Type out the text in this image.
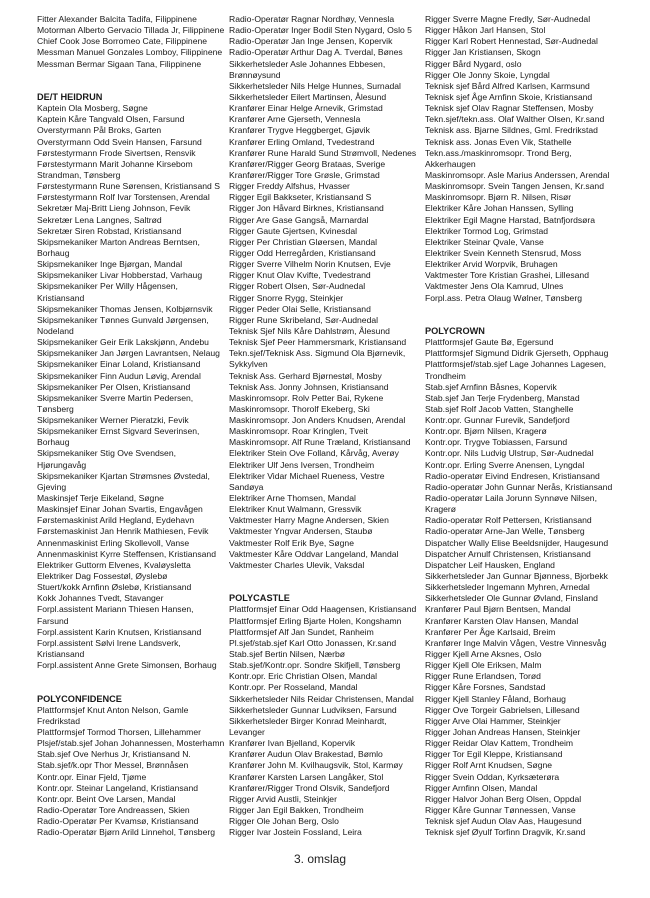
Fitter Alexander Balcita Tadifa, Filippinene
Motorman Alberto Gervacio Tillada Jr, Filippinene
Chief Cook Jose Borromeo Cate, Filippinene
Messman Manuel Gonzales Lomboy, Filippinene
Messman Bermar Sigaan Tana, Filippinene
DE/T HEIDRUN
Kaptein Ola Mosberg, Søgne
Kaptein Kåre Tangvald Olsen, Farsund
Overstyrmann Pål Broks, Garten
Overstyrmann Odd Svein Hansen, Farsund
Førstestyrmann Frode Sivertsen, Rensvik
Førstestyrmann Marit Johanne Kirsebom
Strandman, Tønsberg
Førstestyrmann Rune Sørensen, Kristiansand S
Førstestyrmann Rolf Ivar Torstensen, Arendal
Sekretær Maj-Britt Lieng Johnson, Fevik
Sekretær Lena Langnes, Saltrød
Sekretær Siren Robstad, Kristiansand
Skipsmekaniker Marton Andreas Berntsen,
Borhaug
Skipsmekaniker Inge Bjørgan, Mandal
Skipsmekaniker Livar Hobberstad, Varhaug
Skipsmekaniker Per Willy Hågensen,
Kristiansand
Skipsmekaniker Thomas Jensen, Kolbjørnsvik
Skipsmekaniker Tønnes Gunvald Jørgensen,
Nodeland
Skipsmekaniker Geir Erik Lakskjønn, Andebu
Skipsmekaniker Jan Jørgen Lavrantsen, Nelaug
Skipsmekaniker Einar Loland, Kristiansand
Skipsmekaniker Finn Audun Løvig, Arendal
Skipsmekaniker Per Olsen, Kristiansand
Skipsmekaniker Sverre Martin Pedersen,
Tønsberg
Skipsmekaniker Werner Pieratzki, Fevik
Skipsmekaniker Ernst Sigvard Severinsen,
Borhaug
Skipsmekaniker Stig Ove Svendsen,
Hjørungavåg
Skipsmekaniker Kjartan Strømsnes Øvstedal,
Gjeving
Maskinsjef Terje Eikeland, Søgne
Maskinsjef Einar Johan Svartis, Engavågen
Førstemaskinist Arild Hegland, Eydehavn
Førstemaskinist Jan Henrik Mathiesen, Fevik
Annenmaskinist Erling Skollevoll, Vanse
Annenmaskinist Kyrre Steffensen, Kristiansand
Elektriker Guttorm Elvenes, Kvaløysletta
Elektriker Dag Fossestøl, Øyslebø
Stuert/kokk Arnfinn Øslebø, Kristiansand
Kokk Johannes Tvedt, Stavanger
Forpl.assistent Mariann Thiesen Hansen,
Farsund
Forpl.assistent Karin Knutsen, Kristiansand
Forpl.assistent Sølvi Irene Landsverk,
Kristiansand
Forpl.assistent Anne Grete Simonsen, Borhaug
POLYCONFIDENCE
Plattformsjef Knut Anton Nelson, Gamle
Fredrikstad
Plattformsjef Tormod Thorsen, Lillehammer
Plsjef/stab.sjef Johan Johannessen, Mosterhamn
Stab.sjef Ove Nerhus Jr, Kristiansand N.
Stab.sjef/k.opr Thor Messel, Brønnåsen
Kontr.opr. Einar Fjeld, Tjøme
Kontr.opr. Steinar Langeland, Kristiansand
Kontr.opr. Beint Ove Larsen, Mandal
Radio-Operatør Tore Andreassen, Skien
Radio-Operatør Per Kvamsø, Kristiansand
Radio-Operatør Bjørn Arild Linnehol, Tønsberg
Radio-Operatør Ragnar Nordhøy, Vennesla
Radio-Operatør Inger Bodil Sten Nygard, Oslo 5
Radio-Operatør Jan Inge Jensen, Kopervik
Radio-Operatør Arthur Dag A. Tverdal, Bønes
Sikkerhetsleder Asle Johannes Ebbesen,
Brønnøysund
Sikkerhetsleder Nils Helge Hunnes, Surnadal
Sikkerhetsleder Eilert Martinsen, Ålesund
Kranfører Einar Helge Arnevik, Grimstad
Kranfører Arne Gjerseth, Vennesla
Kranfører Trygve Heggberget, Gjøvik
Kranfører Erling Omland, Tvedestrand
Kranfører Rune Harald Sund Strømvoll, Nedenes
Kranfører/Rigger Georg Brataas, Sverige
Kranfører/Rigger Tore Grøsle, Grimstad
Rigger Freddy Alfshus, Hvasser
Rigger Egil Bakkseter, Kristiansand S
Rigger Jon Håvard Birknes, Kristiansand
Rigger Are Gase Gangså, Marnardal
Rigger Gaute Gjertsen, Kvinesdal
Rigger Per Christian Gløersen, Mandal
Rigger Odd Herregården, Kristiansand
Rigger Sverre Vilhelm Norin Knutsen, Evje
Rigger Knut Olav Kvifte, Tvedestrand
Rigger Robert Olsen, Sør-Audnedal
Rigger Snorre Rygg, Steinkjer
Rigger Peder Olai Selle, Kristiansand
Rigger Rune Skribeland, Sør-Audnedal
Teknisk Sjef Nils Kåre Dahlstrøm, Ålesund
Teknisk Sjef Peer Hammersmark, Kristiansand
Tekn.sjef/Teknisk Ass. Sigmund Ola Bjørnevik,
Sykkylven
Teknisk Ass. Gerhard Bjørnestøl, Mosby
Teknisk Ass. Jonny Johnsen, Kristiansand
Maskinromsopr. Rolv Petter Bai, Rykene
Maskinromsopr. Thorolf Ekeberg, Ski
Maskinromsopr. Jon Anders Knudsen, Arendal
Maskinromsopr. Roar Kringlen, Tveit
Maskinromsopr. Alf Rune Træland, Kristiansand
Elektriker Stein Ove Folland, Kårvåg, Averøy
Elektriker Ulf Jens Iversen, Trondheim
Elektriker Vidar Michael Rueness, Vestre
Sandøya
Elektriker Arne Thomsen, Mandal
Elektriker Knut Walmann, Gressvik
Vaktmester Harry Magne Andersen, Skien
Vaktmester Yngvar Andersen, Staubø
Vaktmester Rolf Erik Bye, Søgne
Vaktmester Kåre Oddvar Langeland, Mandal
Vaktmester Charles Ulevik, Vaksdal
POLYCASTLE
Plattformsjef Einar Odd Haagensen, Kristiansand
Plattformsjef Erling Bjarte Holen, Kongshamn
Plattformsjef Alf Jan Sundet, Ranheim
Pl.sjef/stab.sjef Karl Otto Jonassen, Kr.sand
Stab.sjef Bertin Nilsen, Nærbø
Stab.sjef/Kontr.opr. Sondre Skifjell, Tønsberg
Kontr.opr. Eric Christian Olsen, Mandal
Kontr.opr. Per Rosseland, Mandal
Sikkerhetsleder Nils Reidar Christensen, Mandal
Sikkerhetsleder Gunnar Ludviksen, Farsund
Sikkerhetsleder Birger Konrad Meinhardt,
Levanger
Kranfører Ivan Bjelland, Kopervik
Kranfører Audun Olav Brakestad, Bømlo
Kranfører John M. Kvilhaugsvik, Stol, Karmøy
Kranfører Karsten Larsen Langåker, Stol
Kranfører/Rigger Trond Olsvik, Sandefjord
Rigger Arvid Austli, Steinkjer
Rigger Jan Egil Bakken, Trondheim
Rigger Ole Johan Berg, Oslo
Rigger Ivar Jostein Fossland, Leira
Rigger Sverre Magne Fredly, Sør-Audnedal
Rigger Håkon Jarl Hansen, Stol
Rigger Karl Robert Hennestad, Sør-Audnedal
Rigger Jan Kristiansen, Skogn
Rigger Bård Nygard, oslo
Rigger Ole Jonny Skoie, Lyngdal
Teknisk sjef Bård Alfred Karlsen, Karmsund
Teknisk sjef Åge Arnfinn Skoie, Kristiansand
Teknisk sjef Olav Ragnar Steffensen, Mosby
Tekn.sjef/tekn.ass. Olaf Walther Olsen, Kr.sand
Teknisk ass. Bjarne Sildnes, Gml. Fredrikstad
Teknisk ass. Jonas Even Vik, Stathelle
Tekn.ass./maskinromsopr. Trond Berg,
Akkerhaugen
Maskinromsopr. Asle Marius Anderssen, Arendal
Maskinromsopr. Svein Tangen Jensen, Kr.sand
Maskinromsopr. Bjørn R. Nilsen, Risør
Elektriker Kåre Johan Hanssen, Sylling
Elektriker Egil Magne Harstad, Batnfjordsøra
Elektriker Tormod Log, Grimstad
Elektriker Steinar Qvale, Vanse
Elektriker Svein Kenneth Stensrud, Moss
Elektriker Arvid Worpvik, Bruhagen
Vaktmester Tore Kristian Grashei, Lillesand
Vaktmester Jens Ola Kamrud, Ulnes
Forpl.ass. Petra Olaug Wølner, Tønsberg
POLYCROWN
Plattformsjef Gaute Bø, Egersund
Plattformsjef Sigmund Didrik Gjerseth, Opphaug
Plattformsjef/stab.sjef Lage Johannes Lagesen,
Trondheim
Stab.sjef Arnfinn Båsnes, Kopervik
Stab.sjef Jan Terje Frydenberg, Manstad
Stab.sjef Rolf Jacob Vatten, Stanghelle
Kontr.opr. Gunnar Furevik, Sandefjord
Kontr.opr. Bjørn Nilsen, Kragerø
Kontr.opr. Trygve Tobiassen, Farsund
Kontr.opr. Nils Ludvig Ulstrup, Sør-Audnedal
Kontr.opr. Erling Sverre Anensen, Lyngdal
Radio-operatør Eivind Endresen, Kristiansand
Radio-operatør John Gunnar Nerås, Kristiansand
Radio-operatør Laila Jorunn Synnøve Nilsen,
Kragerø
Radio-operatør Rolf Pettersen, Kristiansand
Radio-operatør Arne-Jan Welle, Tønsberg
Dispatcher Wally Elise Beeldsnijder, Haugesund
Dispatcher Arnulf Christensen, Kristiansand
Dispatcher Leif Hausken, England
Sikkerhetsleder Jan Gunnar Bjønness, Bjorbekk
Sikkerhetsleder Ingemann Myhren, Arnedal
Sikkerhetsleder Ole Gunnar Øvland, Finsland
Kranfører Paul Bjørn Bentsen, Mandal
Kranfører Karsten Olav Hansen, Mandal
Kranfører Per Åge Karlsaid, Breim
Kranfører Inge Malvin Vågen, Vestre Vinnesvåg
Rigger Kjell Arne Aksnes, Oslo
Rigger Kjell Ole Eriksen, Malm
Rigger Rune Erlandsen, Torød
Rigger Kåre Forsnes, Sandstad
Rigger Kjell Stanley Fåland, Borhaug
Rigger Ove Torgeir Gabrielsen, Lillesand
Rigger Arve Olai Hammer, Steinkjer
Rigger Johan Andreas Hansen, Steinkjer
Rigger Reidar Olav Kattem, Trondheim
Rigger Tor Egil Kleppe, Kristiansand
Rigger Rolf Arnt Knudsen, Søgne
Rigger Svein Oddan, Kyrksæterøra
Rigger Arnfinn Olsen, Mandal
Rigger Halvor Johan Berg Olsen, Oppdal
Rigger Kåre Gunnar Tønnessen, Vanse
Teknisk sjef Audun Olav Aas, Haugesund
Teknisk sjef Øyulf Torfinn Dragvik, Kr.sand
3. omslag
